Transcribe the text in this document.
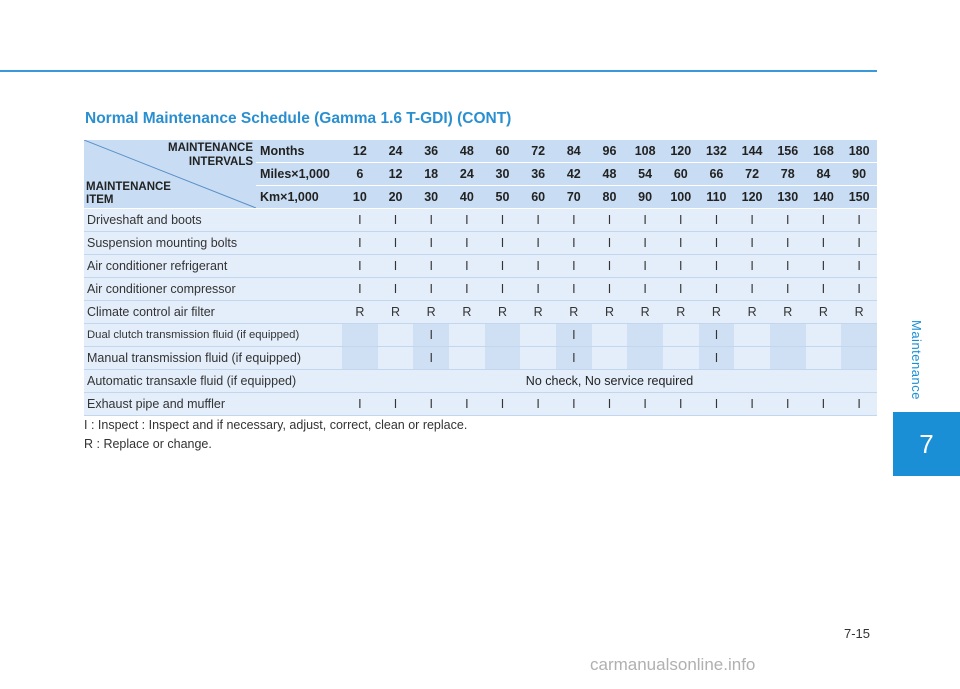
Maintenance
7
Normal Maintenance Schedule (Gamma 1.6 T-GDI) (CONT)
MAINTENANCE
INTERVALS
MAINTENANCE
ITEM	Months	12	24	36	48	60	72	84	96	108	120	132	144	156	168	180
	Miles×1,000	6	12	18	24	30	36	42	48	54	60	66	72	78	84	90
	Km×1,000	10	20	30	40	50	60	70	80	90	100	110	120	130	140	150
Driveshaft and boots		I	I	I	I	I	I	I	I	I	I	I	I	I	I	I
Suspension mounting bolts		I	I	I	I	I	I	I	I	I	I	I	I	I	I	I
Air conditioner refrigerant		I	I	I	I	I	I	I	I	I	I	I	I	I	I	I
Air conditioner compressor		I	I	I	I	I	I	I	I	I	I	I	I	I	I	I
Climate control air filter		R	R	R	R	R	R	R	R	R	R	R	R	R	R	R
Dual clutch transmission fluid (if equipped)				I				I				I				
Manual transmission fluid (if equipped)				I				I				I				
Automatic transaxle fluid (if equipped)		No check, No service required														
Exhaust pipe and muffler		I	I	I	I	I	I	I	I	I	I	I	I	I	I	I
I : Inspect : Inspect and if necessary, adjust, correct, clean or replace.
R : Replace or change.
7-15
carmanualsonline.info
